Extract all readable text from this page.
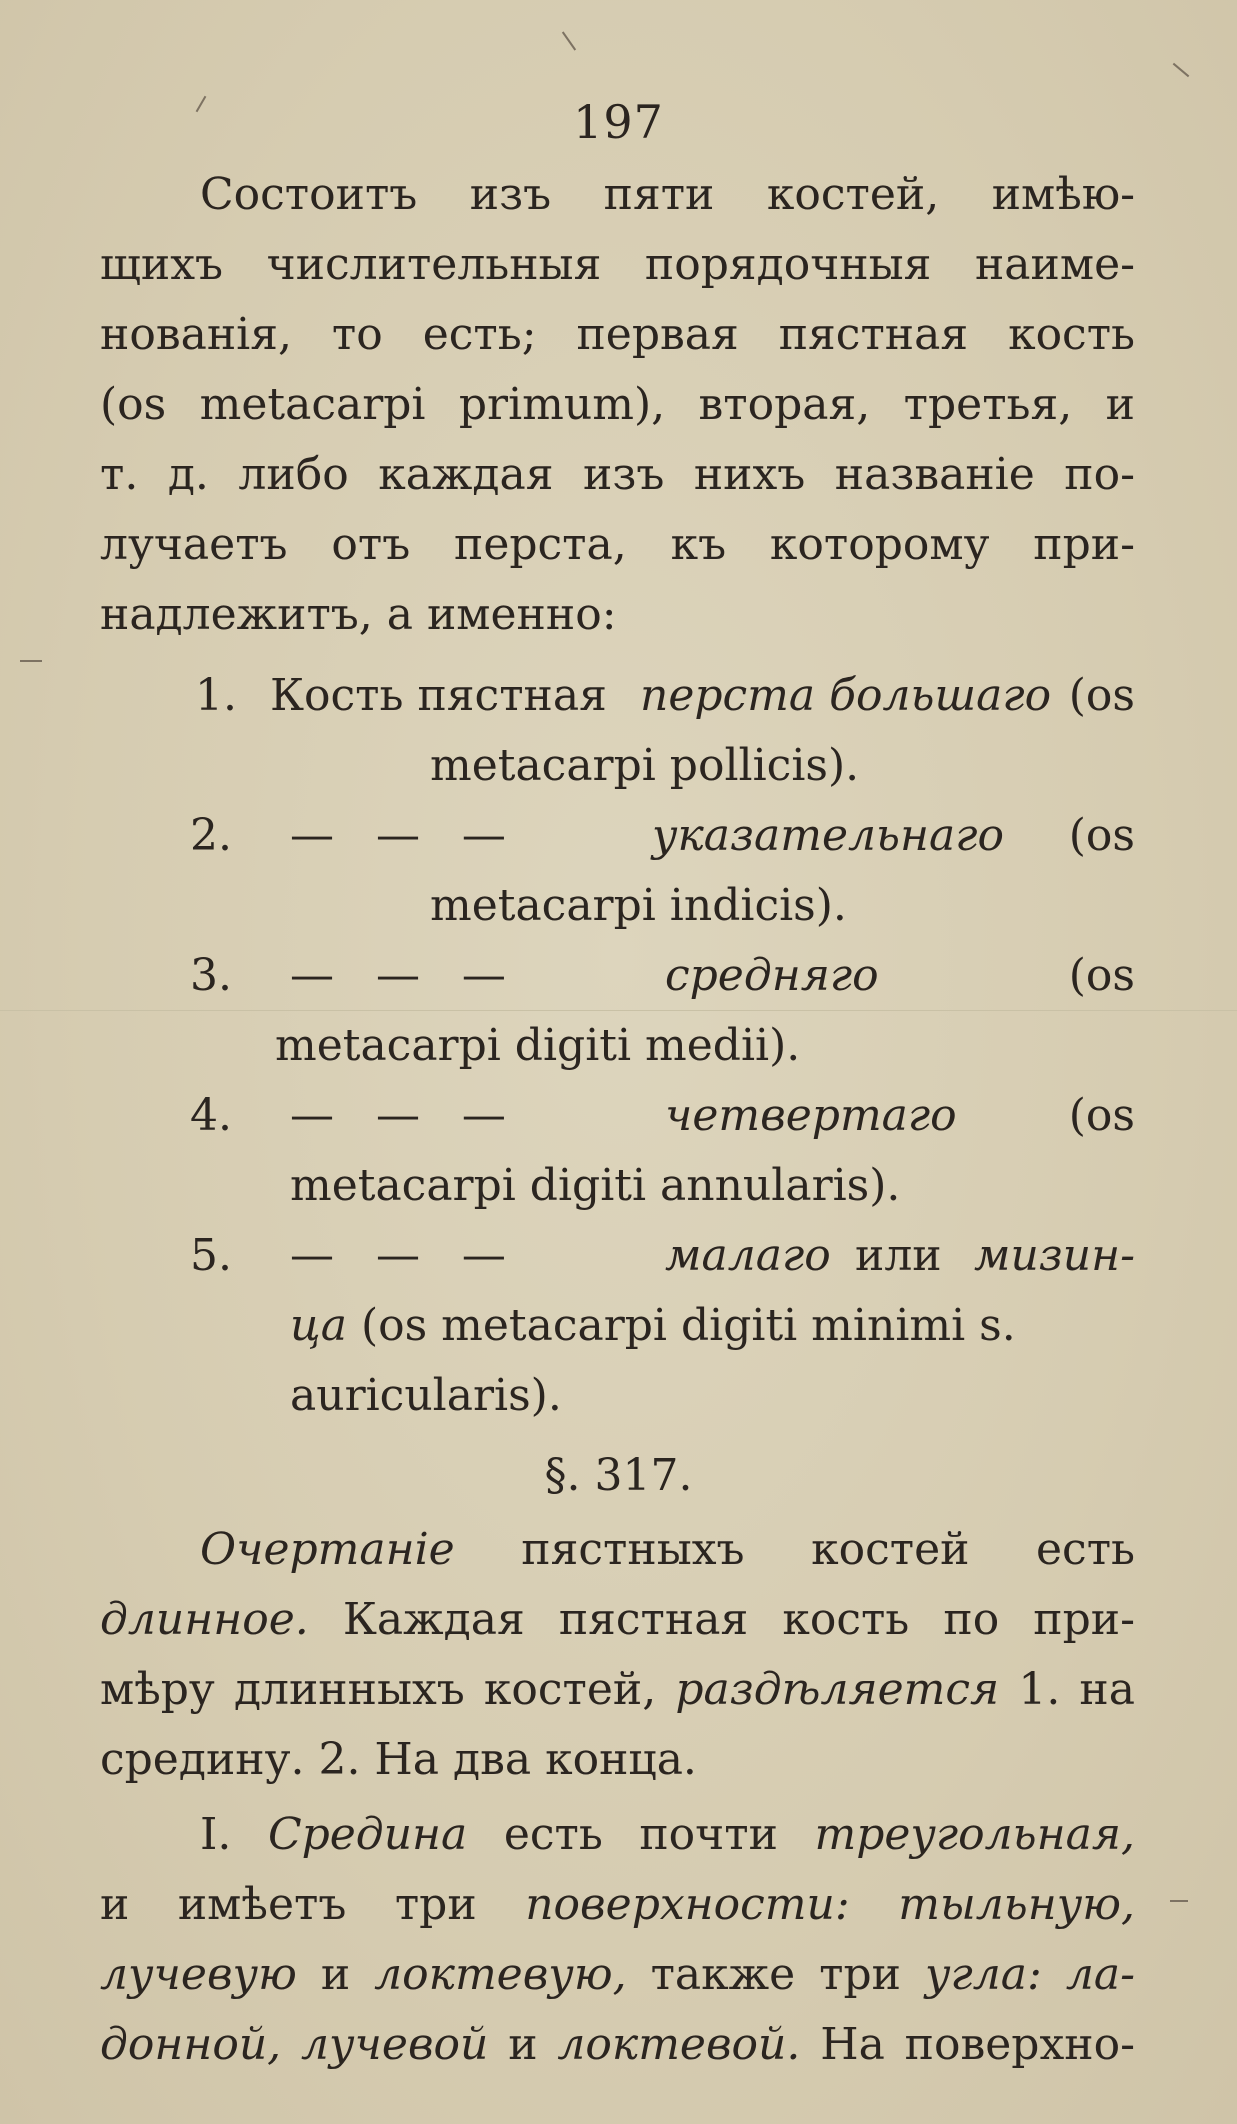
197
Состоитъ изъ пяти костей, имѣю-
щихъ числительныя порядочныя наиме-
нованія, то есть; первая пястная кость
(os metacarpi primum), вторая, третья, и
т. д. либо каждая изъ нихъ названіе по-
лучаетъ отъ перста, къ которому при-
надлежитъ, а именно:
1. Кость пястная перста большаго (os
metacarpi pollicis).
2. —   —   —	указательнаго (os
metacarpi indicis).
3. —   —   —	средняго	(os
metacarpi digiti medii).
4. —   —   —	четвертаго	(os
metacarpi digiti annularis).
5. —   —   —	малаго или мизин-
ца (os metacarpi digiti minimi s.
auricularis).
§. 317.
Очертаніе пястныхъ костей есть
длинное. Каждая пястная кость по при-
мѣру длинныхъ костей, раздѣляется 1. на
средину. 2. На два конца.
I. Средина есть почти треугольная,
и имѣетъ три поверхности: тыльную,
лучевую и локтевую, также три угла: ла-
донной, лучевой и локтевой. На поверхно-
